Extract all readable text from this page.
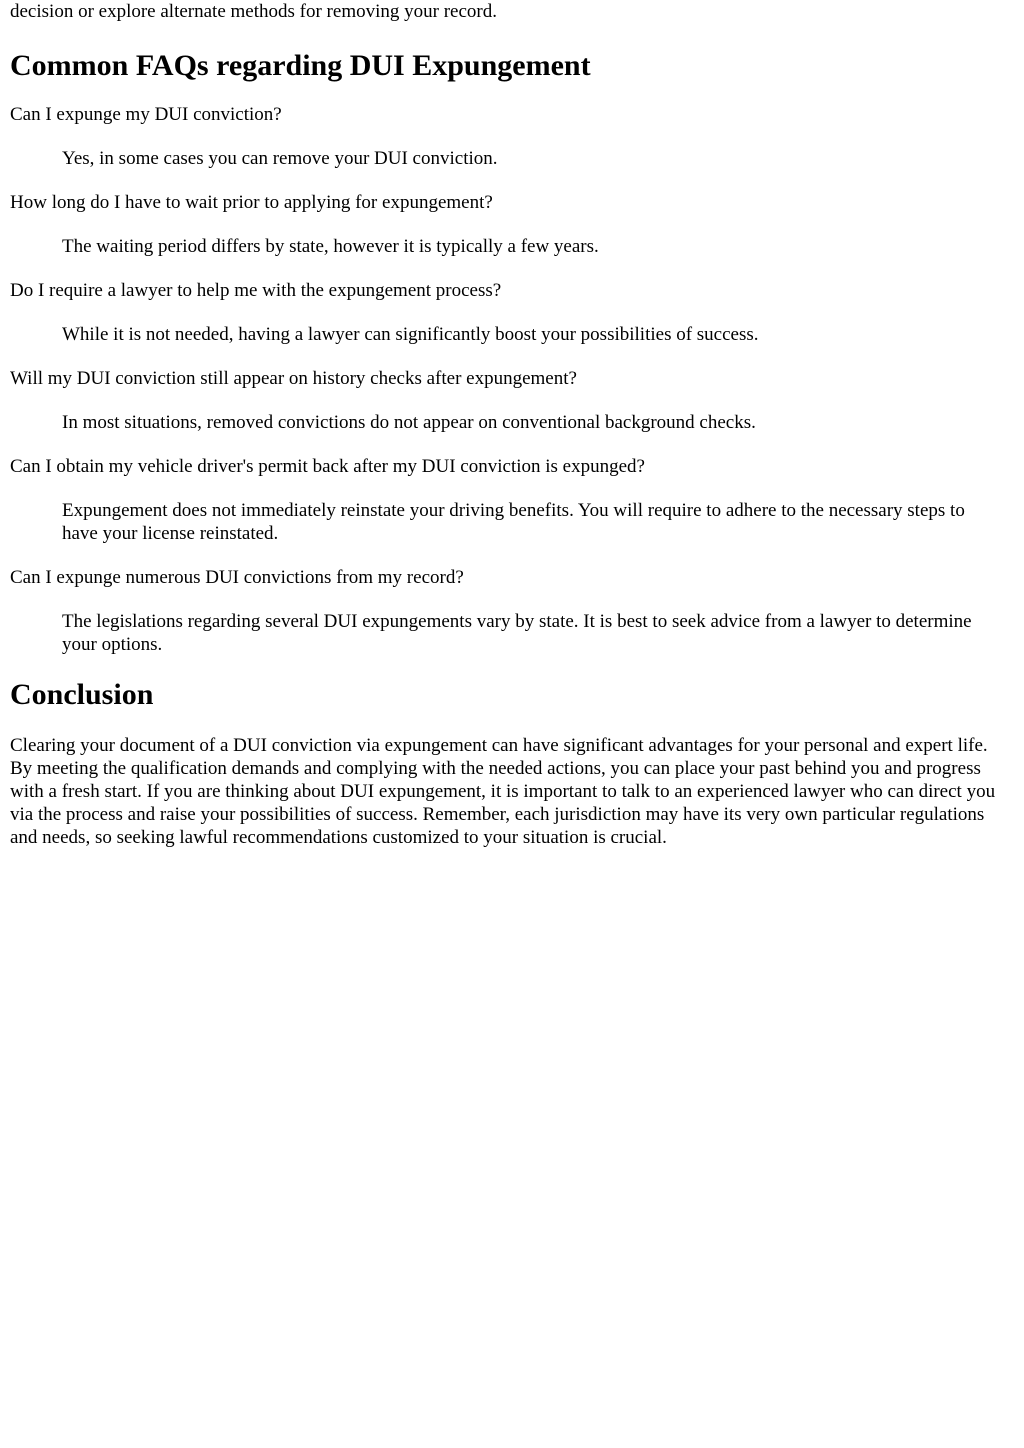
decision or explore alternate methods for removing your record.

Common FAQs regarding DUI Expungement

Can I expunge my DUI conviction?

Yes, in some cases you can remove your DUI conviction.

How long do I have to wait prior to applying for expungement?

The waiting period differs by state, however it is typically a few years.

Do I require a lawyer to help me with the expungement process?

While it is not needed, having a lawyer can significantly boost your possibilities of success.

Will my DUI conviction still appear on history checks after expungement?

In most situations, removed convictions do not appear on conventional background checks.

Can I obtain my vehicle driver's permit back after my DUI conviction is expunged?

Expungement does not immediately reinstate your driving benefits. You will require to adhere to the necessary steps to have your license reinstated.

Can I expunge numerous DUI convictions from my record?

The legislations regarding several DUI expungements vary by state. It is best to seek advice from a lawyer to determine your options.

Conclusion

Clearing your document of a DUI conviction via expungement can have significant advantages for your personal and expert life. By meeting the qualification demands and complying with the needed actions, you can place your past behind you and progress with a fresh start. If you are thinking about DUI expungement, it is important to talk to an experienced lawyer who can direct you via the process and raise your possibilities of success. Remember, each jurisdiction may have its very own particular regulations and needs, so seeking lawful recommendations customized to your situation is crucial.
